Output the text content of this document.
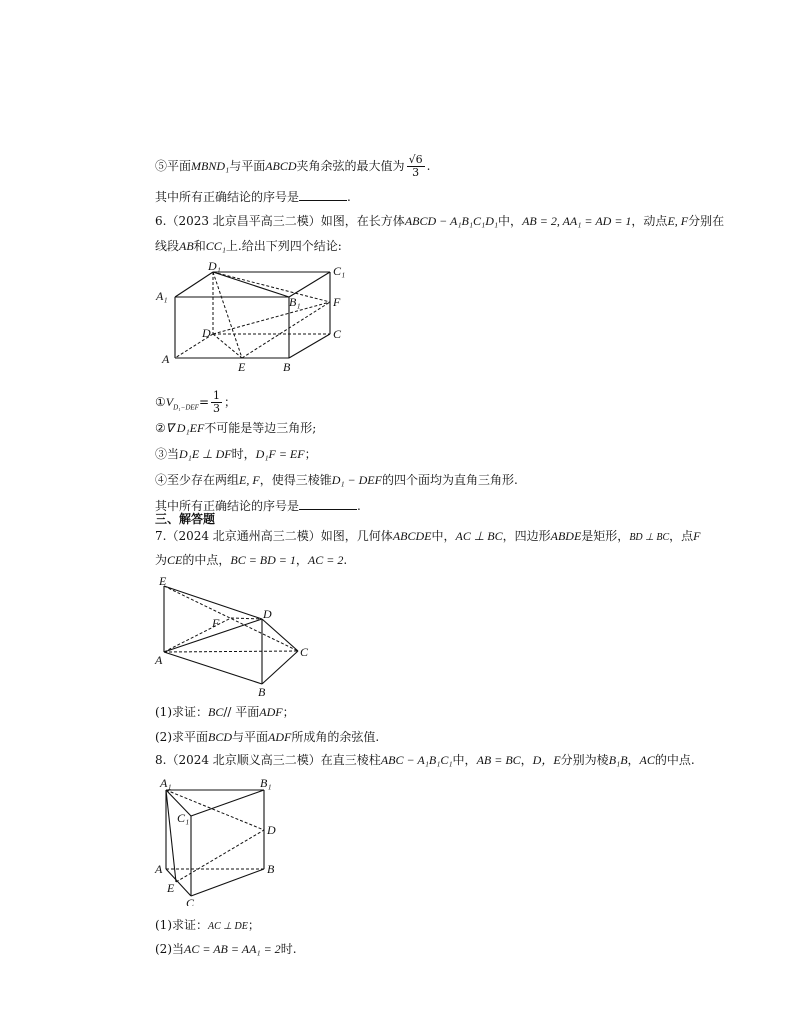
⑤平面MBND₁与平面ABCD夹角余弦的最大值为 $\frac{√6}{3}$ .
其中所有正确结论的序号是	.
6.（2023 北京昌平高三二模）如图，在长方体ABCD − A₁B₁C₁D₁中，AB = 2, AA₁ = AD = 1，动点E, F分别在
线段AB和CC₁上.给出下列四个结论:
D₁	C₁
A₁	B₁	F
D	C
A
E	B
$①V_{D_1-DEF}= \frac{1}{3}$ ；
②∇ D₁EF不可能是等边三角形;
③当D₁E ⊥ DF时，D₁F = EF；
④至少存在两组E, F，使得三棱锥D₁ − DEF的四个面均为直角三角形.
其中所有正确结论的序号是	.
三、解答题
7.（2024 北京通州高三二模）如图，几何体ABCDE中，AC ⊥ BC，四边形ABDE是矩形，BD ⊥ BC，点F
为CE的中点，BC = BD = 1，AC = 2.
E
D
F
C
A
B
(1)求证：BC// 平面ADF；
(2)求平面BCD与平面ADF所成角的余弦值.
8.（2024 北京顺义高三二模）在直三棱柱ABC − A₁B₁C₁中，AB = BC，D，E分别为棱B₁B，AC的中点.
A₁	B₁
C₁
D
A	B
E
C
(1)求证：AC ⊥ DE；
(2)当AC = AB = AA₁ = 2时.
